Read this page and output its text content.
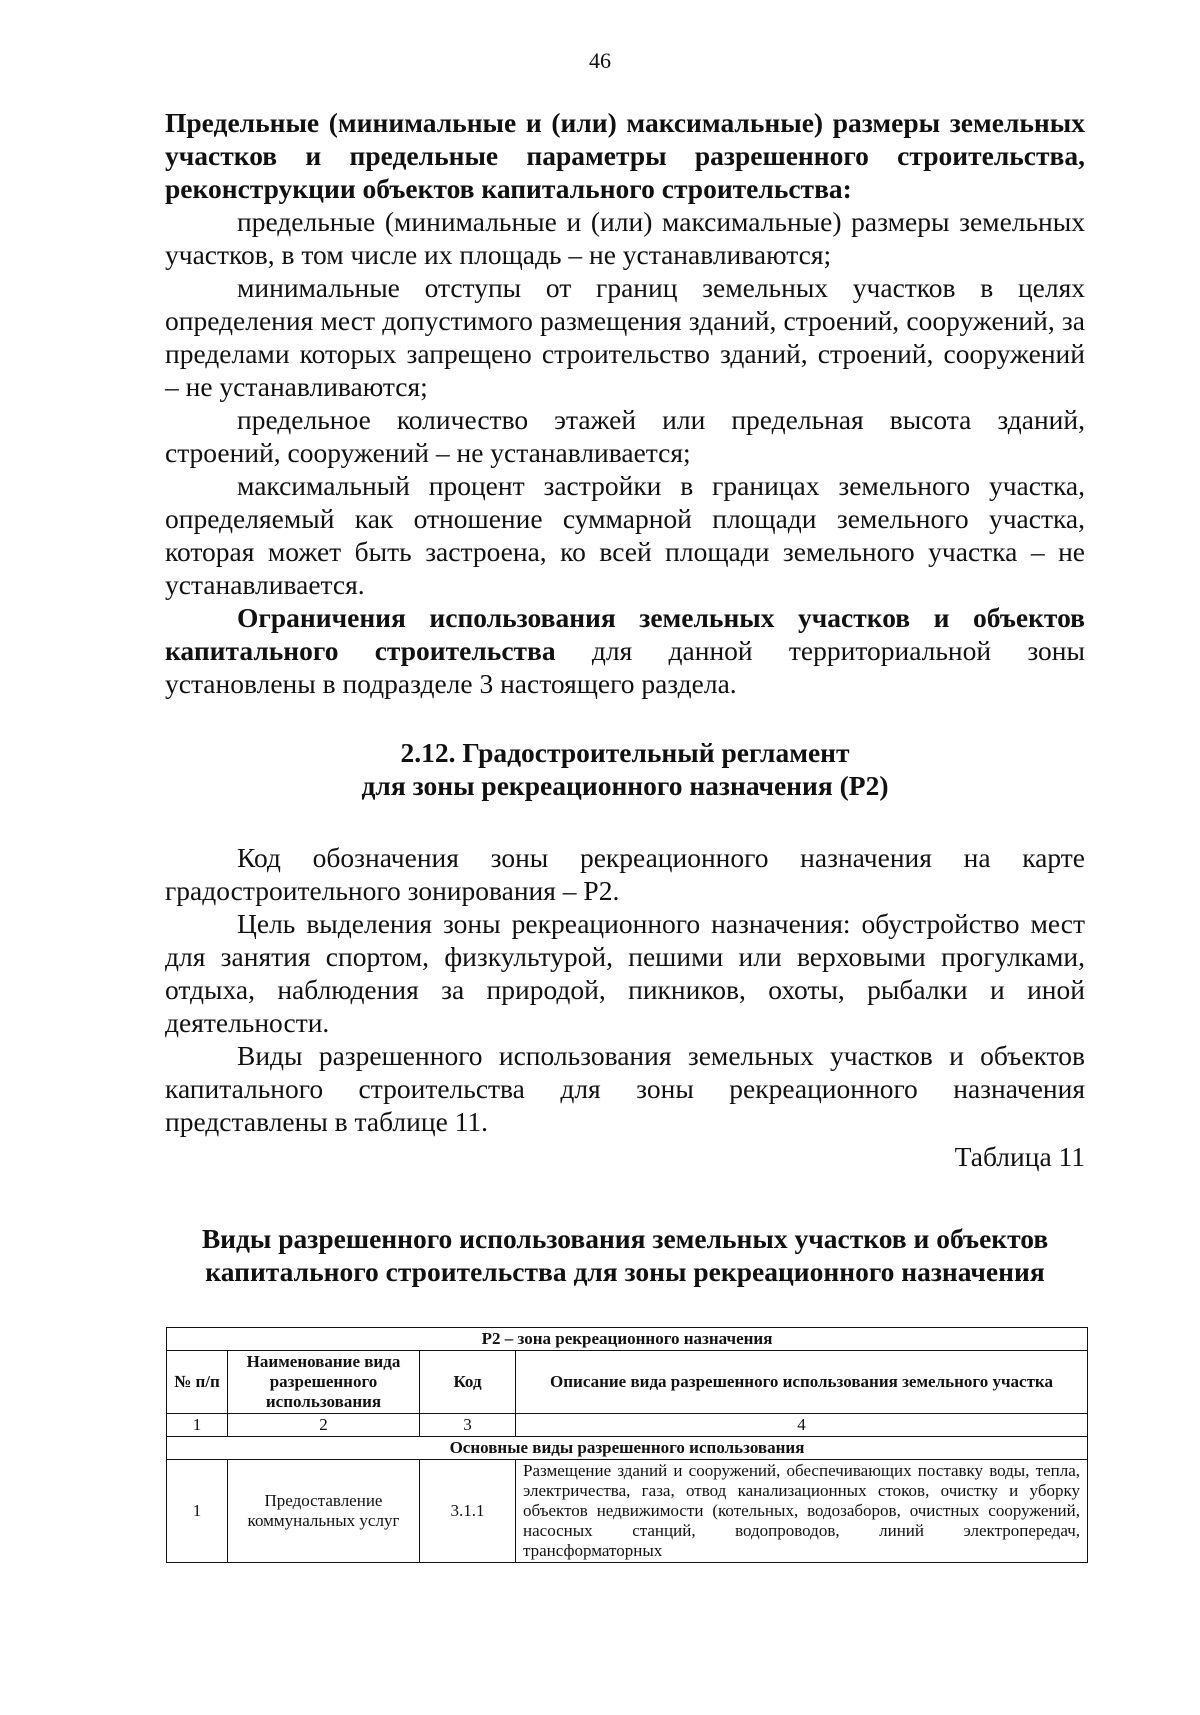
46

Предельные (минимальные и (или) максимальные) размеры земельных участков и предельные параметры разрешенного строительства, реконструкции объектов капитального строительства:

предельные (минимальные и (или) максимальные) размеры земельных участков, в том числе их площадь – не устанавливаются;

минимальные отступы от границ земельных участков в целях определения мест допустимого размещения зданий, строений, сооружений, за пределами которых запрещено строительство зданий, строений, сооружений – не устанавливаются;

предельное количество этажей или предельная высота зданий, строений, сооружений – не устанавливается;

максимальный процент застройки в границах земельного участка, определяемый как отношение суммарной площади земельного участка, которая может быть застроена, ко всей площади земельного участка – не устанавливается.

Ограничения использования земельных участков и объектов капитального строительства для данной территориальной зоны установлены в подразделе 3 настоящего раздела.

2.12. Градостроительный регламент
для зоны рекреационного назначения (Р2)

Код обозначения зоны рекреационного назначения на карте градостроительного зонирования – Р2.

Цель выделения зоны рекреационного назначения: обустройство мест для занятия спортом, физкультурой, пешими или верховыми прогулками, отдыха, наблюдения за природой, пикников, охоты, рыбалки и иной деятельности.

Виды разрешенного использования земельных участков и объектов капитального строительства для зоны рекреационного назначения представлены в таблице 11.

Таблица 11

Виды разрешенного использования земельных участков и объектов
капитального строительства для зоны рекреационного назначения

Р2 – зона рекреационного назначения			
№ п/п	Наименование вида разрешенного использования	Код	Описание вида разрешенного использования земельного участка
1	2	3	4
Основные виды разрешенного использования			
1	Предоставление коммунальных услуг	3.1.1	Размещение зданий и сооружений, обеспечивающих поставку воды, тепла, электричества, газа, отвод канализационных стоков, очистку и уборку объектов недвижимости (котельных, водозаборов, очистных сооружений, насосных станций, водопроводов, линий электропередач, трансформаторных
